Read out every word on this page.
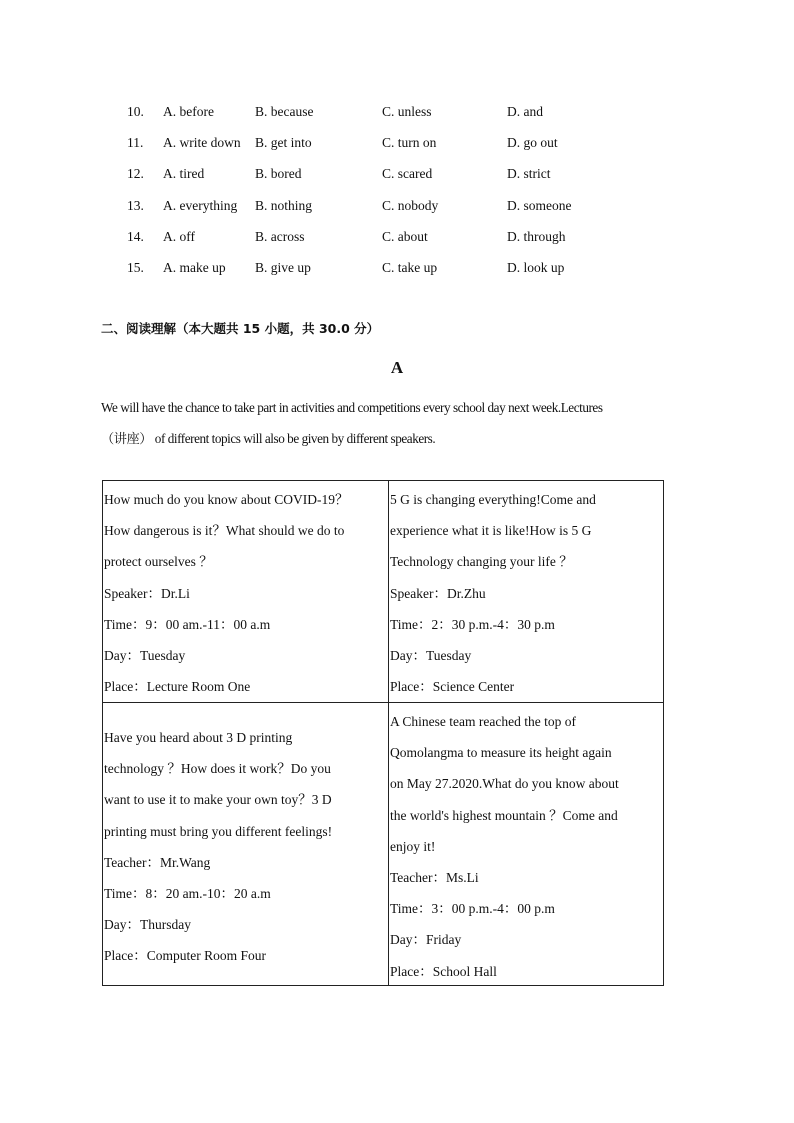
10. A. before	B. because	C. unless	D. and
11. A. write down B. get into	C. turn on	D. go out
12. A. tired	B. bored	C. scared	D. strict
13. A. everything B. nothing	C. nobody	D. someone
14. A. off	B. across	C. about	D. through
15. A. make up B. give up	C. take up	D. look up
二、阅读理解（本大题共 15 小题，共 30.0 分）
A
We will have the chance to take part in activities and competitions every school day next week.Lectures
（讲座） of different topics will also be given by different speakers.
How much do you know about COVID-19？
How dangerous is it？What should we do to
protect ourselves ？
Speaker：Dr.Li
Time：9：00 am.-11：00 a.m
Day：Tuesday
Place：Lecture Room One
5 G is changing everything!Come and
experience what it is like!How is 5 G
Technology changing your life ？
Speaker：Dr.Zhu
Time：2：30 p.m.-4：30 p.m
Day：Tuesday
Place：Science Center
Have you heard about 3 D printing
technology ？How does it work？Do you
want to use it to make your own toy？3 D
printing must bring you different feelings!
Teacher：Mr.Wang
Time：8：20 am.-10：20 a.m
Day：Thursday
Place：Computer Room Four
A Chinese team reached the top of
Qomolangma to measure its height again
on May 27.2020.What do you know about
the world's highest mountain ？Come and
enjoy it!
Teacher：Ms.Li
Time：3：00 p.m.-4：00 p.m
Day：Friday
Place：School Hall
